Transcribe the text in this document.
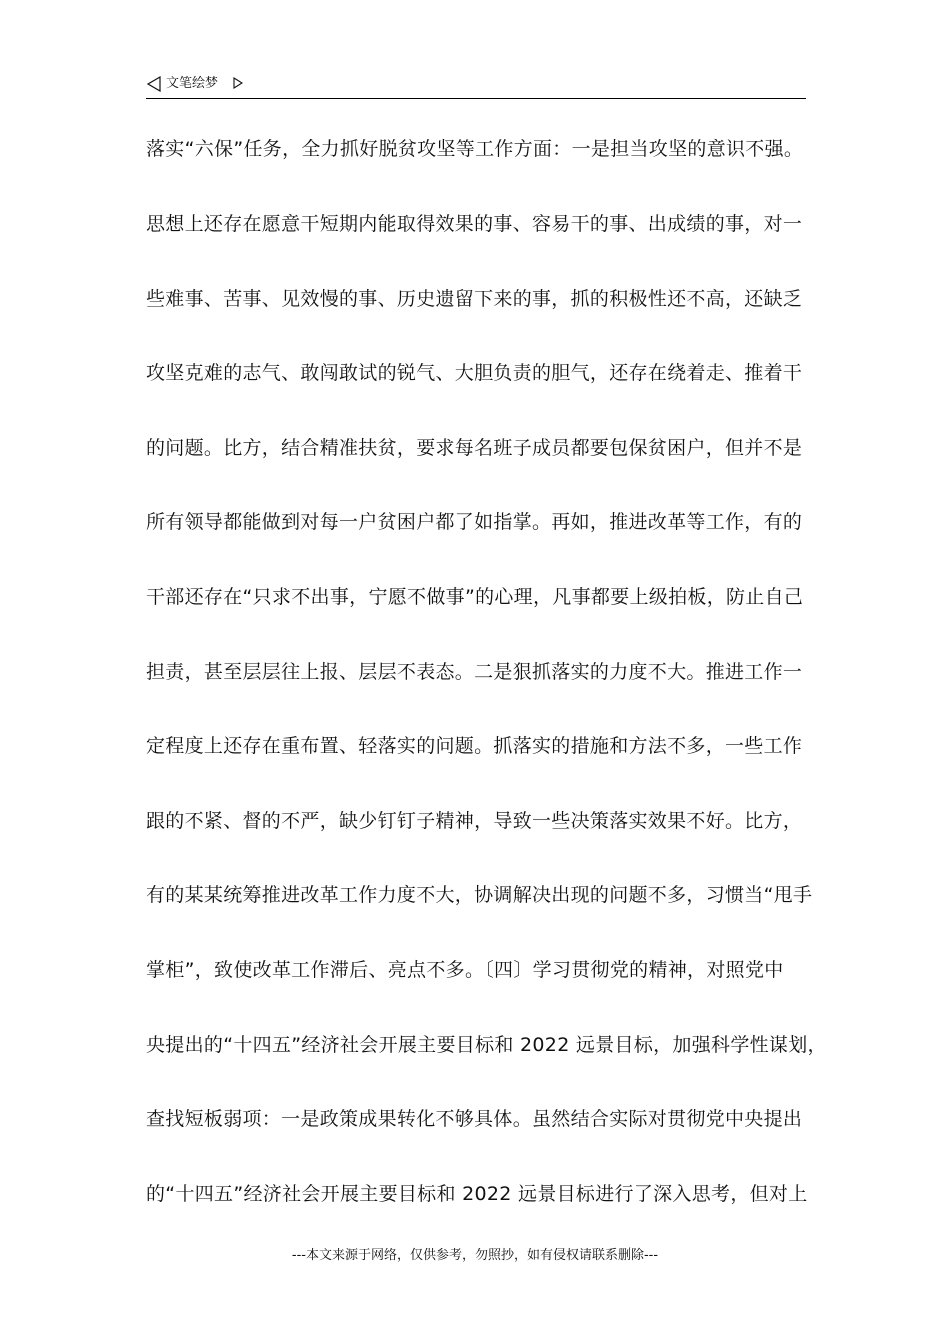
文笔绘梦
落实“六保”任务，全力抓好脱贫攻坚等工作方面：一是担当攻坚的意识不强。
思想上还存在愿意干短期内能取得效果的事、容易干的事、出成绩的事，对一
些难事、苦事、见效慢的事、历史遗留下来的事，抓的积极性还不高，还缺乏
攻坚克难的志气、敢闯敢试的锐气、大胆负责的胆气，还存在绕着走、推着干
的问题。比方，结合精准扶贫，要求每名班子成员都要包保贫困户，但并不是
所有领导都能做到对每一户贫困户都了如指掌。再如，推进改革等工作，有的
干部还存在“只求不出事，宁愿不做事”的心理，凡事都要上级拍板，防止自己
担责，甚至层层往上报、层层不表态。二是狠抓落实的力度不大。推进工作一
定程度上还存在重布置、轻落实的问题。抓落实的措施和方法不多，一些工作
跟的不紧、督的不严，缺少钉钉子精神，导致一些决策落实效果不好。比方，
有的某某统筹推进改革工作力度不大，协调解决出现的问题不多，习惯当“甩手
掌柜”，致使改革工作滞后、亮点不多。〔四〕学习贯彻党的精神，对照党中
央提出的“十四五”经济社会开展主要目标和 2022 远景目标，加强科学性谋划，
查找短板弱项：一是政策成果转化不够具体。虽然结合实际对贯彻党中央提出
的“十四五”经济社会开展主要目标和 2022 远景目标进行了深入思考，但对上
---本文来源于网络，仅供参考，勿照抄，如有侵权请联系删除---
